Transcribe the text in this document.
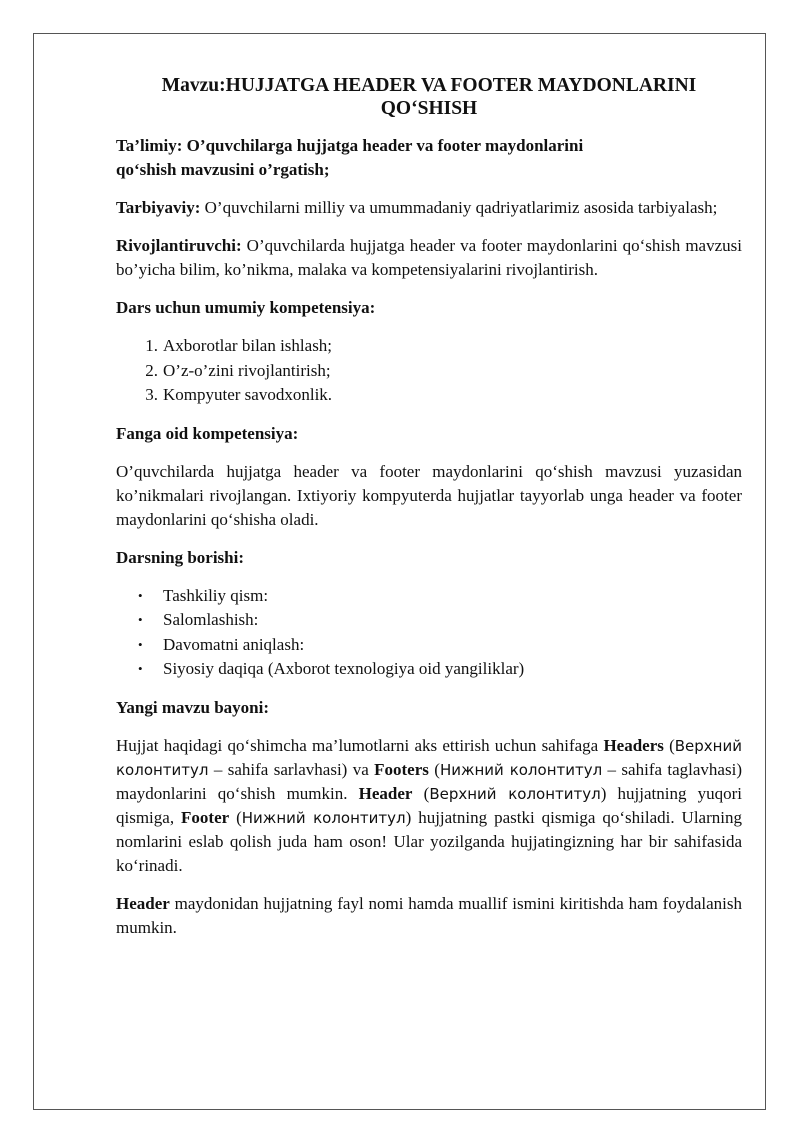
Mavzu:HUJJATGA HEADER VA FOOTER MAYDONLARINI
QO‘SHISH

Ta’limiy: O’quvchilarga hujjatga header va footer maydonlarini
qo‘shish mavzusini o’rgatish;

Tarbiyaviy: O’quvchilarni milliy va umummadaniy qadriyatlarimiz asosida tarbiyalash;

Rivojlantiruvchi: O’quvchilarda hujjatga header va footer maydonlarini qo‘shish mavzusi bo’yicha bilim, ko’nikma, malaka va kompetensiyalarini rivojlantirish.

Dars uchun umumiy kompetensiya:

1. Axborotlar bilan ishlash;
2. O’z-o’zini rivojlantirish;
3. Kompyuter savodxonlik.

Fanga oid kompetensiya:

O’quvchilarda hujjatga header va footer maydonlarini qo‘shish mavzusi yuzasidan ko’nikmalari rivojlangan. Ixtiyoriy kompyuterda hujjatlar tayyorlab unga header va footer maydonlarini qo‘shisha oladi.

Darsning borishi:

• Tashkiliy qism:
• Salomlashish:
• Davomatni aniqlash:
• Siyosiy daqiqa (Axborot texnologiya oid yangiliklar)

Yangi mavzu bayoni:

Hujjat haqidagi qo‘shimcha ma’lumotlarni aks ettirish uchun sahifaga Headers (Верхний колонтитул – sahifa sarlavhasi) va Footers (Нижний колонтитул – sahifa taglavhasi) maydonlarini qo‘shish mumkin. Header (Верхний колонтитул) hujjatning yuqori qismiga, Footer (Нижний колонтитул) hujjatning pastki qismiga qo‘shiladi. Ularning nomlarini eslab qolish juda ham oson! Ular yozilganda hujjatingizning har bir sahifasida ko‘rinadi.

Header maydonidan hujjatning fayl nomi hamda muallif ismini kiritishda ham foydalanish mumkin.
